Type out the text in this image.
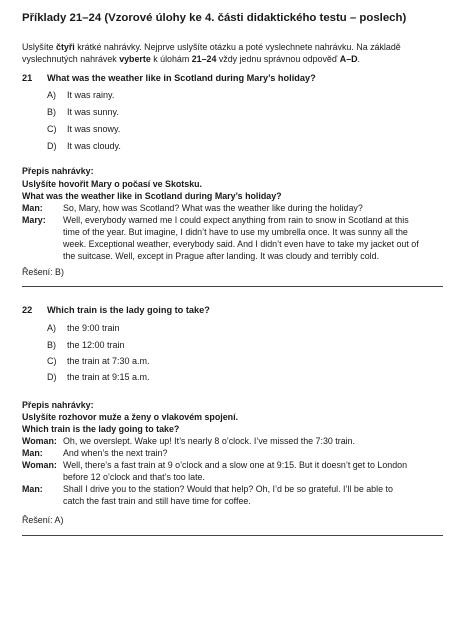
Příklady 21–24 (Vzorové úlohy ke 4. části didaktického testu – poslech)
Uslyšíte čtyři krátké nahrávky. Nejprve uslyšíte otázku a poté vyslechnete nahrávku. Na základě
vyslechnutých nahrávek vyberte k úlohám 21–24 vždy jednu správnou odpověď A–D.
21 What was the weather like in Scotland during Mary’s holiday?
A) It was rainy.
B) It was sunny.
C) It was snowy.
D) It was cloudy.
Přepis nahrávky:
Uslyšíte hovořit Mary o počasí ve Skotsku.
What was the weather like in Scotland during Mary’s holiday?
Man: So, Mary, how was Scotland? What was the weather like during the holiday?
Mary: Well, everybody warned me I could expect anything from rain to snow in Scotland at this
time of the year. But imagine, I didn’t have to use my umbrella once. It was sunny all the
week. Exceptional weather, everybody said. And I didn’t even have to take my jacket out of
the suitcase. Well, except in Prague after landing. It was cloudy and terribly cold.
Řešení: B)
22 Which train is the lady going to take?
A) the 9:00 train
B) the 12:00 train
C) the train at 7:30 a.m.
D) the train at 9:15 a.m.
Přepis nahrávky:
Uslyšíte rozhovor muže a ženy o vlakovém spojení.
Which train is the lady going to take?
Woman: Oh, we overslept. Wake up! It’s nearly 8 o’clock. I’ve missed the 7:30 train.
Man: And when’s the next train?
Woman: Well, there’s a fast train at 9 o’clock and a slow one at 9:15. But it doesn’t get to London
before 12 o’clock and that’s too late.
Man: Shall I drive you to the station? Would that help? Oh, I’d be so grateful. I’ll be able to
catch the fast train and still have time for coffee.
Řešení: A)
